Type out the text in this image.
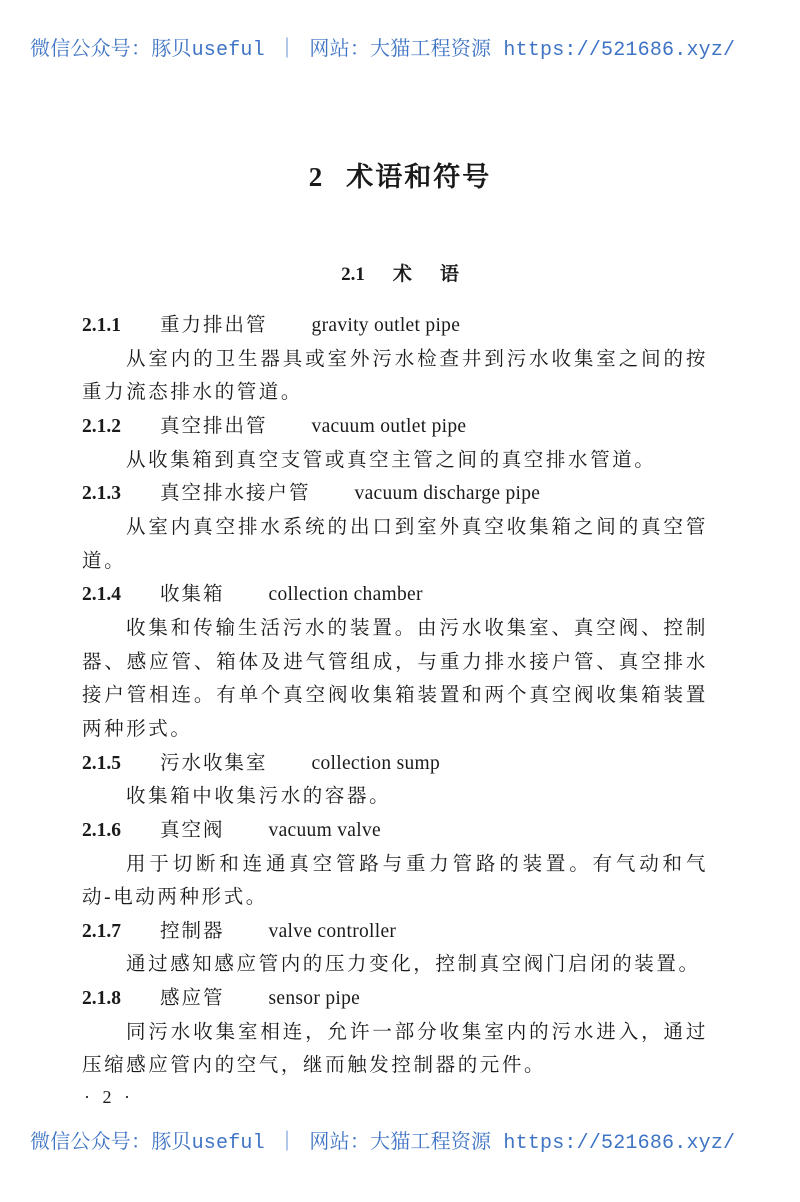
微信公众号：豚贝useful ｜ 网站：大猫工程资源 https://521686.xyz/
2 术语和符号
2.1 术 语
2.1.1 重力排出管 gravity outlet pipe

从室内的卫生器具或室外污水检查井到污水收集室之间的按重力流态排水的管道。

2.1.2 真空排出管 vacuum outlet pipe

从收集箱到真空支管或真空主管之间的真空排水管道。

2.1.3 真空排水接户管 vacuum discharge pipe

从室内真空排水系统的出口到室外真空收集箱之间的真空管道。

2.1.4 收集箱 collection chamber

收集和传输生活污水的装置。由污水收集室、真空阀、控制器、感应管、箱体及进气管组成，与重力排水接户管、真空排水接户管相连。有单个真空阀收集箱装置和两个真空阀收集箱装置两种形式。

2.1.5 污水收集室 collection sump

收集箱中收集污水的容器。

2.1.6 真空阀 vacuum valve

用于切断和连通真空管路与重力管路的装置。有气动和气动-电动两种形式。

2.1.7 控制器 valve controller

通过感知感应管内的压力变化，控制真空阀门启闭的装置。

2.1.8 感应管 sensor pipe

同污水收集室相连，允许一部分收集室内的污水进入，通过压缩感应管内的空气，继而触发控制器的元件。

· 2 ·
微信公众号：豚贝useful ｜ 网站：大猫工程资源 https://521686.xyz/
